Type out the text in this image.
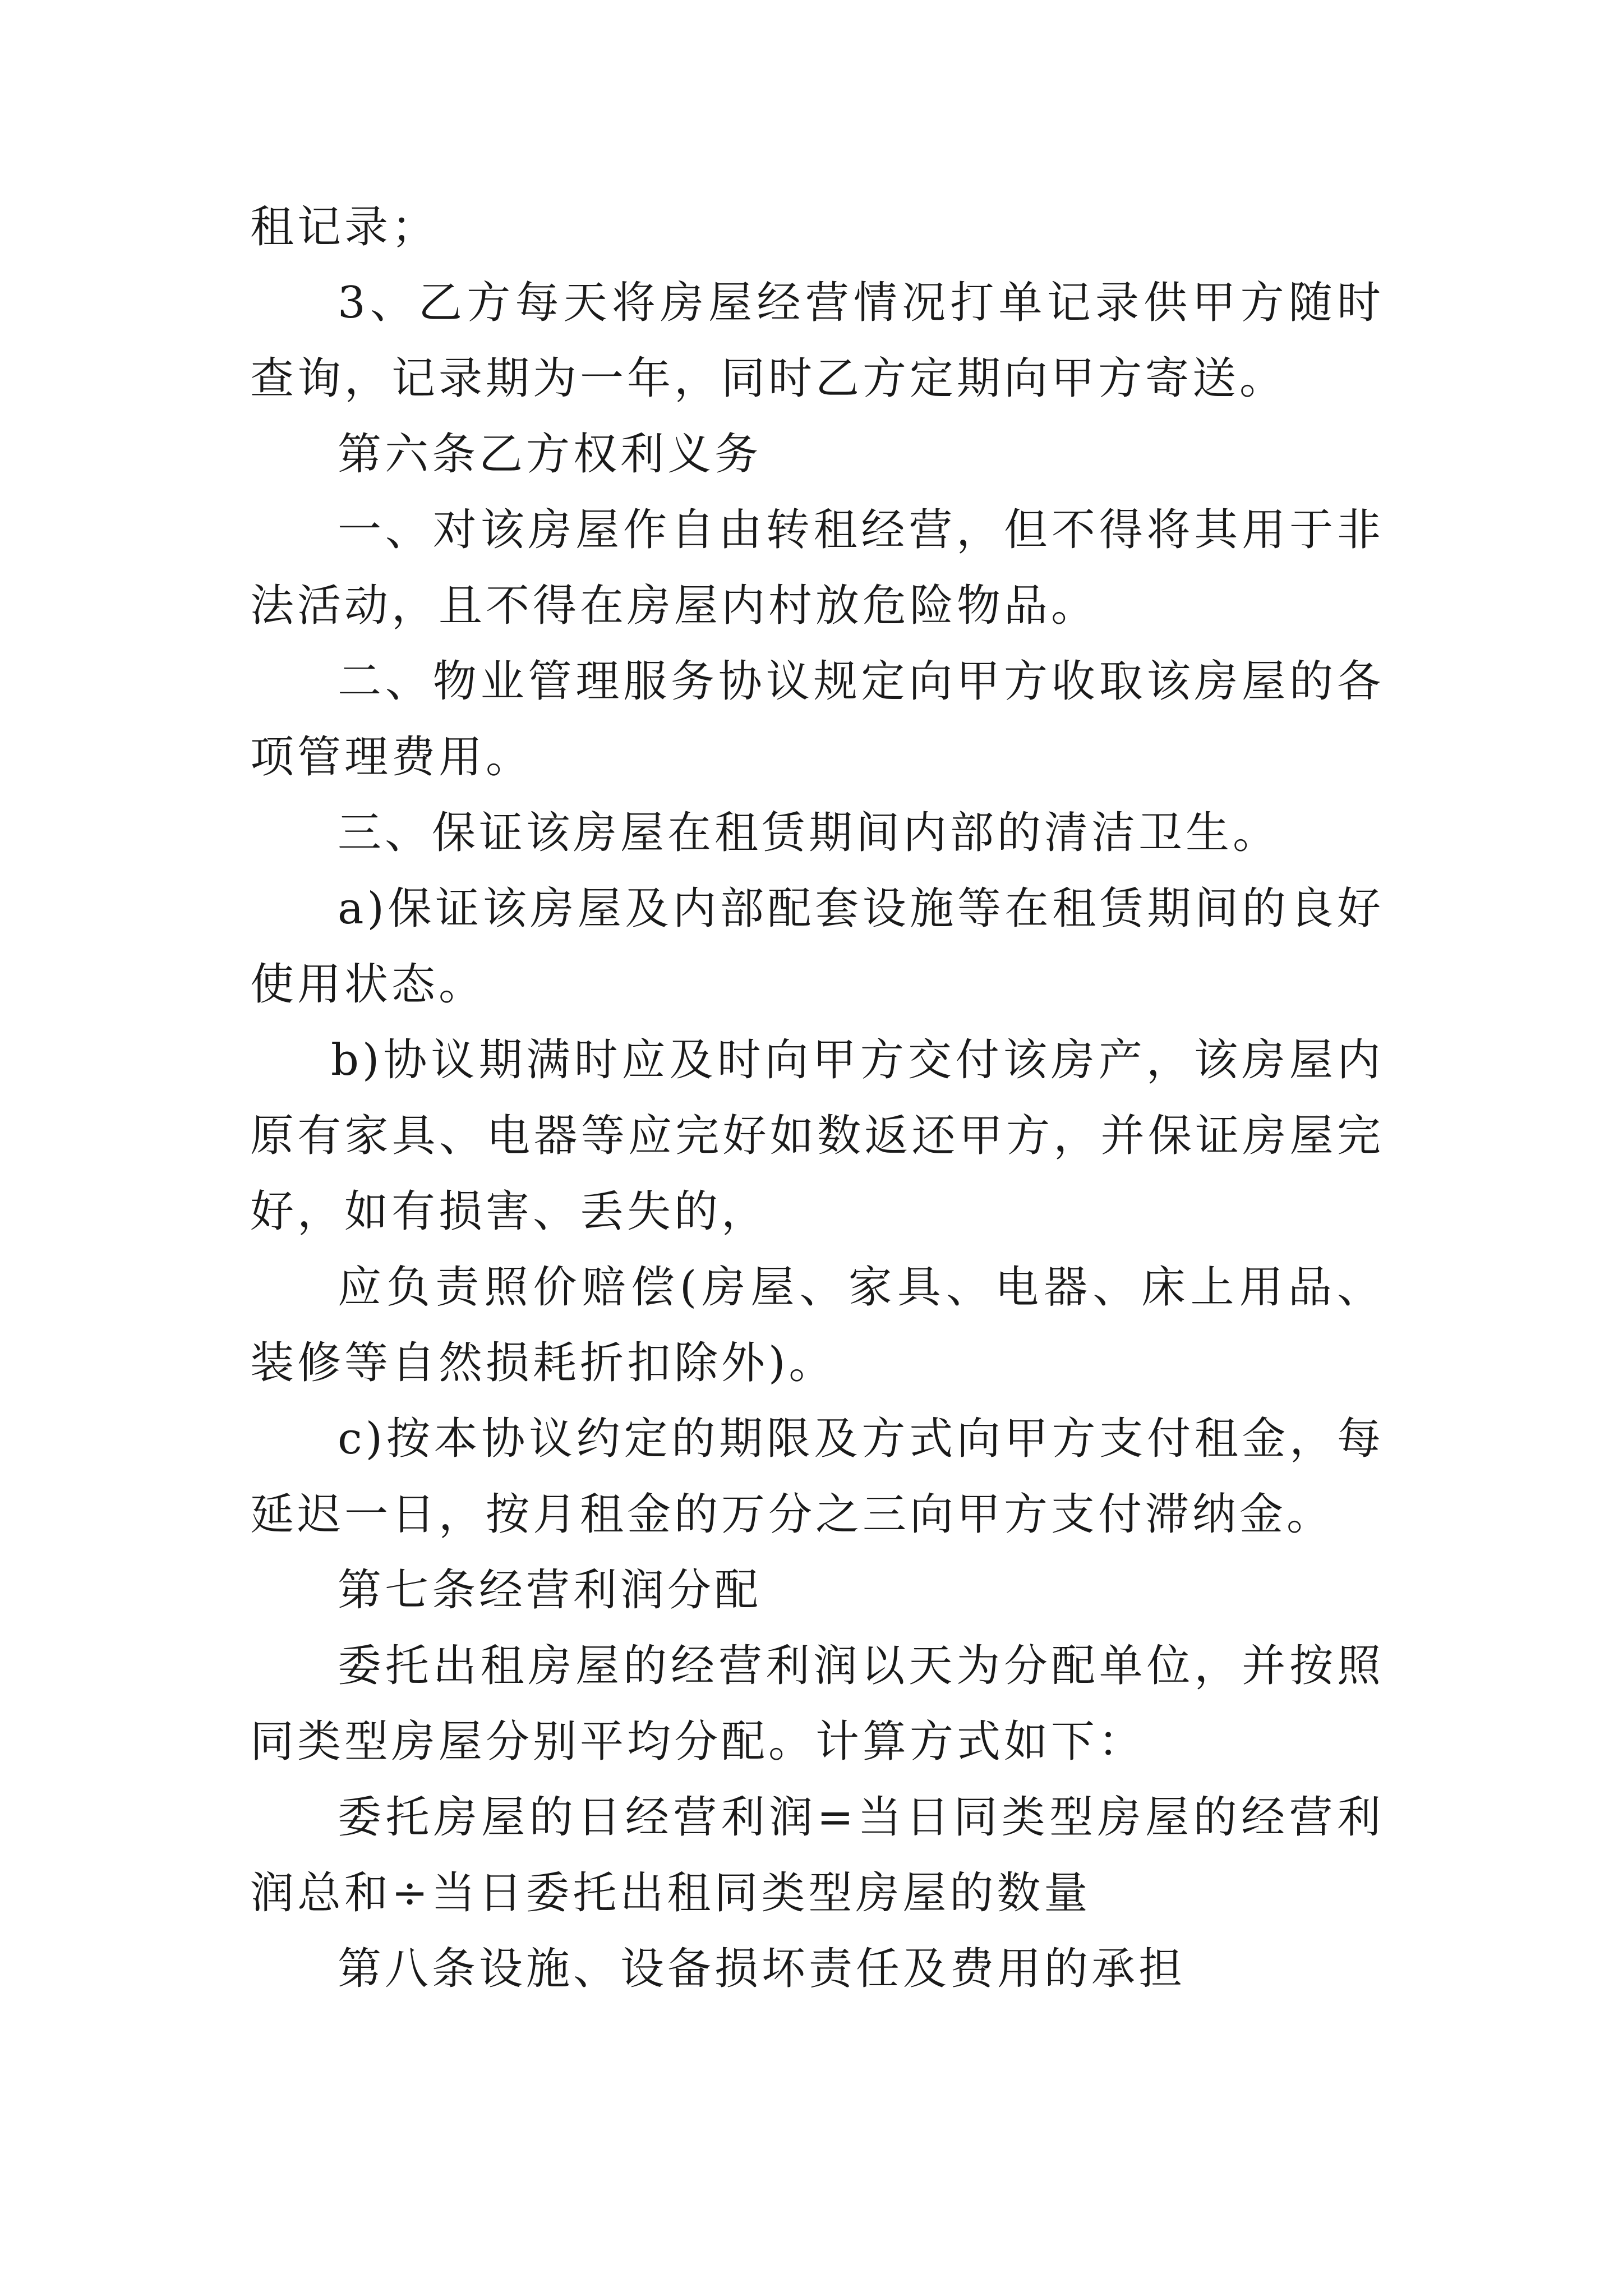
租记录；

3、乙方每天将房屋经营情况打单记录供甲方随时查询，记录期为一年，同时乙方定期向甲方寄送。

第六条乙方权利义务

一、对该房屋作自由转租经营，但不得将其用于非法活动，且不得在房屋内村放危险物品。

二、物业管理服务协议规定向甲方收取该房屋的各项管理费用。

三、保证该房屋在租赁期间内部的清洁卫生。

a)保证该房屋及内部配套设施等在租赁期间的良好使用状态。

b)协议期满时应及时向甲方交付该房产，该房屋内原有家具、电器等应完好如数返还甲方，并保证房屋完好，如有损害、丢失的，

应负责照价赔偿(房屋、家具、电器、床上用品、装修等自然损耗折扣除外)。

c)按本协议约定的期限及方式向甲方支付租金，每延迟一日，按月租金的万分之三向甲方支付滞纳金。

第七条经营利润分配

委托出租房屋的经营利润以天为分配单位，并按照同类型房屋分别平均分配。计算方式如下：

委托房屋的日经营利润=当日同类型房屋的经营利润总和÷当日委托出租同类型房屋的数量

第八条设施、设备损坏责任及费用的承担
